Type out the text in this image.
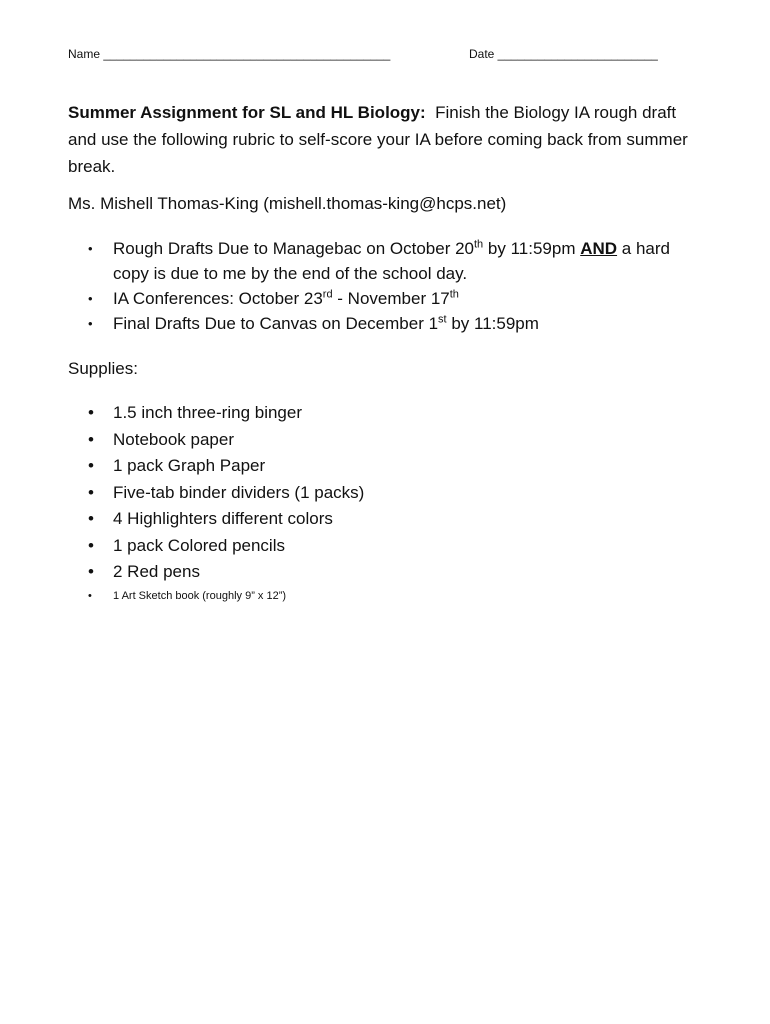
Name ___________________________________________	Date ________________________
Summer Assignment for SL and HL Biology:  Finish the Biology IA rough draft and use the following rubric to self-score your IA before coming back from summer break.
Ms. Mishell Thomas-King (mishell.thomas-king@hcps.net)
• Rough Drafts Due to Managebac on October 20th by 11:59pm AND a hard copy is due to me by the end of the school day.
• IA Conferences: October 23rd - November 17th
• Final Drafts Due to Canvas on December 1st by 11:59pm
Supplies:
• 1.5 inch three-ring binger
• Notebook paper
• 1 pack Graph Paper
• Five-tab binder dividers (1 packs)
• 4 Highlighters different colors
• 1 pack Colored pencils
• 2 Red pens
• 1 Art Sketch book (roughly 9” x 12”)
